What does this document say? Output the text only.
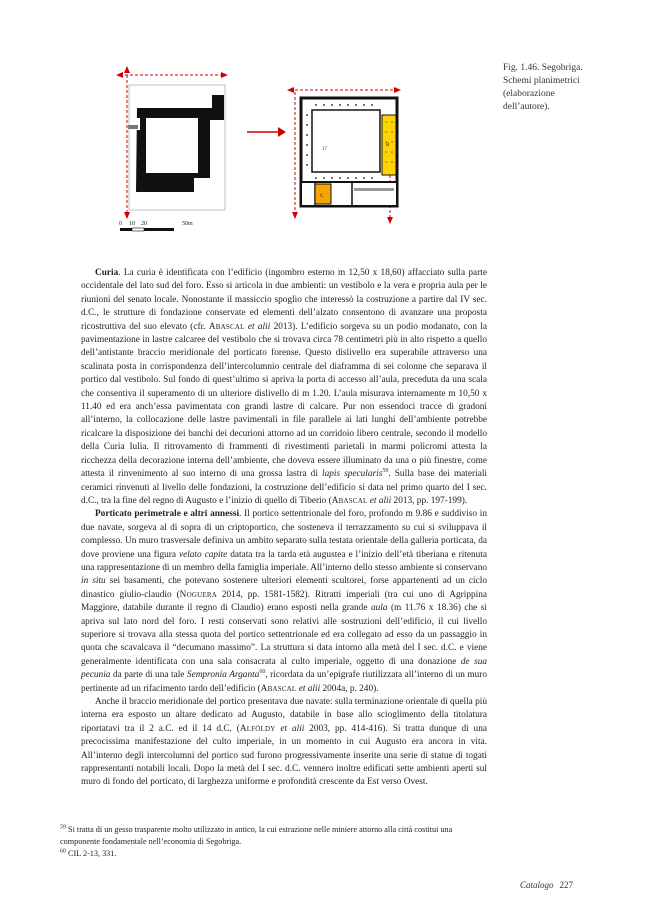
Fig. 1.46. Segobriga.
Schemi planimetrici
(elaborazione
dell’autore).
0 10 20	50m
17
B
C

Curia. La curia è identificata con l’edificio (ingombro esterno m 12,50 x 18,60) affacciato sulla parte occidentale del lato sud del foro. Esso si articola in due ambienti: un vestibolo e la vera e propria aula per le riunioni del senato locale. Nonostante il massiccio spoglio che interessò la costruzione a partire dal IV sec. d.C., le strutture di fondazione conservate ed elementi dell’alzato consentono di avanzare una proposta ricostruttiva del suo elevato (cfr. Abascal et alii 2013). L’edificio sorgeva su un podio modanato, con la pavimentazione in lastre calcaree del vestibolo che si trovava circa 78 centimetri più in alto rispetto a quello dell’antistante braccio meridionale del porticato forense. Questo dislivello era superabile attraverso una scalinata posta in corrispondenza dell’intercolumnio centrale del diaframma di sei colonne che separava il portico dal vestibolo. Sul fondo di quest’ultimo si apriva la porta di accesso all’aula, preceduta da una scala che consentiva il superamento di un ulteriore dislivello di m 1.20. L’aula misurava internamente m 10,50 x 11.40 ed era anch’essa pavimentata con grandi lastre di calcare. Pur non essendoci tracce di gradoni all’interno, la collocazione delle lastre pavimentali in file parallele ai lati lunghi dell’ambiente potrebbe ricalcare la disposizione dei banchi dei decurioni attorno ad un corridoio libero centrale, secondo il modello della Curia Iulia. Il ritrovamento di frammenti di rivestimenti parietali in marmi policromi attesta la ricchezza della decorazione interna dell’ambiente, che doveva essere illuminato da una o più finestre, come attesta il rinvenimento al suo interno di una grossa lastra di lapis specularis$^{59}$. Sulla base dei materiali ceramici rinvenuti al livello delle fondazioni, la costruzione dell’edificio si data nel primo quarto del I sec. d.C., tra la fine del regno di Augusto e l’inizio di quello di Tiberio (Abascal et alii 2013, pp. 197-199).

Porticato perimetrale e altri annessi. Il portico settentrionale del foro, profondo m 9.86 e suddiviso in due navate, sorgeva al di sopra di un criptoportico, che sosteneva il terrazzamento su cui si sviluppava il complesso. Un muro trasversale definiva un ambito separato sulla testata orientale della galleria porticata, da dove proviene una figura velato capite datata tra la tarda età augustea e l’inizio dell’età tiberiana e ritenuta una rappresentazione di un membro della famiglia imperiale. All’interno dello stesso ambiente si conservano in situ sei basamenti, che potevano sostenere ulteriori elementi scultorei, forse appartenenti ad un ciclo dinastico giulio-claudio (Noguera 2014, pp. 1581-1582). Ritratti imperiali (tra cui uno di Agrippina Maggiore, databile durante il regno di Claudio) erano esposti nella grande aula (m 11.76 x 18.36) che si apriva sul lato nord del foro. I resti conservati sono relativi alle sostruzioni dell’edificio, il cui livello superiore si trovava alla stessa quota del portico settentrionale ed era collegato ad esso da un passaggio in quota che scavalcava il “decumano massimo”. La struttura si data intorno alla metà del I sec. d.C. e viene generalmente identificata con una sala consacrata al culto imperiale, oggetto di una donazione de sua pecunia da parte di una tale Sempronia Arganta$^{60}$, ricordata da un’epigrafe riutilizzata all’interno di un muro pertinente ad un rifacimento tardo dell’edificio (Abascal et alii 2004a, p. 240).

Anche il braccio meridionale del portico presentava due navate: sulla terminazione orientale di quella più interna era esposto un altare dedicato ad Augusto, databile in base allo scioglimento della titolatura riportatavi tra il 2 a.C. ed il 14 d.C. (Alföldy et alii 2003, pp. 414-416). Si tratta dunque di una precocissima manifestazione del culto imperiale, in un momento in cui Augusto era ancora in vita. All’interno degli intercolumni del portico sud furono progressivamente inserite una serie di statue di togati rappresentanti notabili locali. Dopo la metà del I sec. d.C. vennero inoltre edificati sette ambienti aperti sul muro di fondo del porticato, di larghezza uniforme e profondità crescente da Est verso Ovest.

$^{59}$ Si tratta di un gesso trasparente molto utilizzato in antico, la cui estrazione nelle miniere attorno alla città costitui una componente fondamentale nell’economia di Segobriga.

$^{60}$ CIL 2-13, 331.

Catalogo 227
